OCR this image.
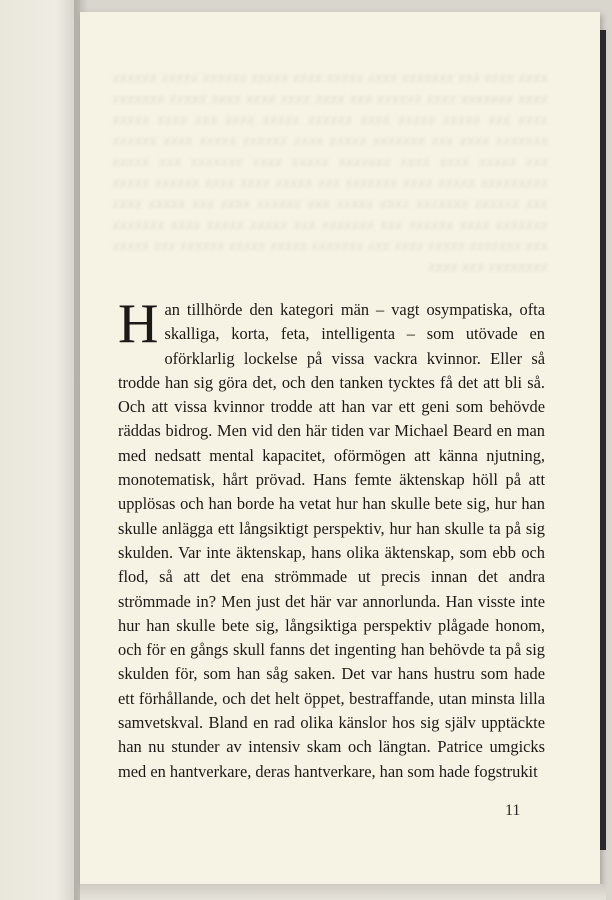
xxxx xxxx xxx xxxxxxx xxxx xxxxx xxxx xxxxx xxxxxx xxxxx xxxxxx xxxx xxxxxxx xxxx xxxxxx xxx xxxx xxxx xxxx xxxx xxxxx xxxxxxx xxxx xxx xxxxx xxxxx xxxx xxxxxx xxxxx xxxx xxx xxxx xxxxx xxxxxxx xxxx xxx xxxxxxx xxxxx xxxx xxxxxx xxxxx xxxx xxxxxx xxx xxxxx xxxx xxxx xxxxxxx xxxxx xxxx xxxxxxx xxx xxxxx xxxxxxxxx xxxxx xxxx xxxxxxx xxx xxxxx xxxx xxxx xxxxxx xxxxx xxx xxxxxx xxxxxxx xxxx xxxxx xxx xxxxxx xxxx xxx xxxxx xxxx xxxxxxx xxxx xxxxxx xxx xxxxxxx xxx xxxxx xxxxx xxxx xxxxxxx xxx xxxxxxx xxxxx xxxx xxx xxxxxxx xxxxx xxxxx xxxxxx xxx xxxxx xxxxxxxx xxx xxxx
Han tillhörde den kategori män – vagt osympatiska, ofta skalliga, korta, feta, intelligenta – som utövade en oförklarlig lockelse på vissa vackra kvinnor. Eller så trodde han sig göra det, och den tanken tycktes få det att bli så. Och att vissa kvinnor trodde att han var ett geni som behövde räddas bidrog. Men vid den här tiden var Michael Beard en man med nedsatt mental kapacitet, oförmögen att känna njutning, monotematisk, hårt prövad. Hans femte äktenskap höll på att upplösas och han borde ha vetat hur han skulle bete sig, hur han skulle anlägga ett långsiktigt perspektiv, hur han skulle ta på sig skulden. Var inte äktenskap, hans olika äktenskap, som ebb och flod, så att det ena strömmade ut precis innan det andra strömmade in? Men just det här var annorlunda. Han visste inte hur han skulle bete sig, långsiktiga perspektiv plågade honom, och för en gångs skull fanns det ingenting han behövde ta på sig skulden för, som han såg saken. Det var hans hustru som hade ett förhållande, och det helt öppet, bestraffande, utan minsta lilla samvetskval. Bland en rad olika känslor hos sig själv upptäckte han nu stunder av intensiv skam och längtan. Patrice umgicks med en hantverkare, deras hantverkare, han som hade fogstrukit
11
